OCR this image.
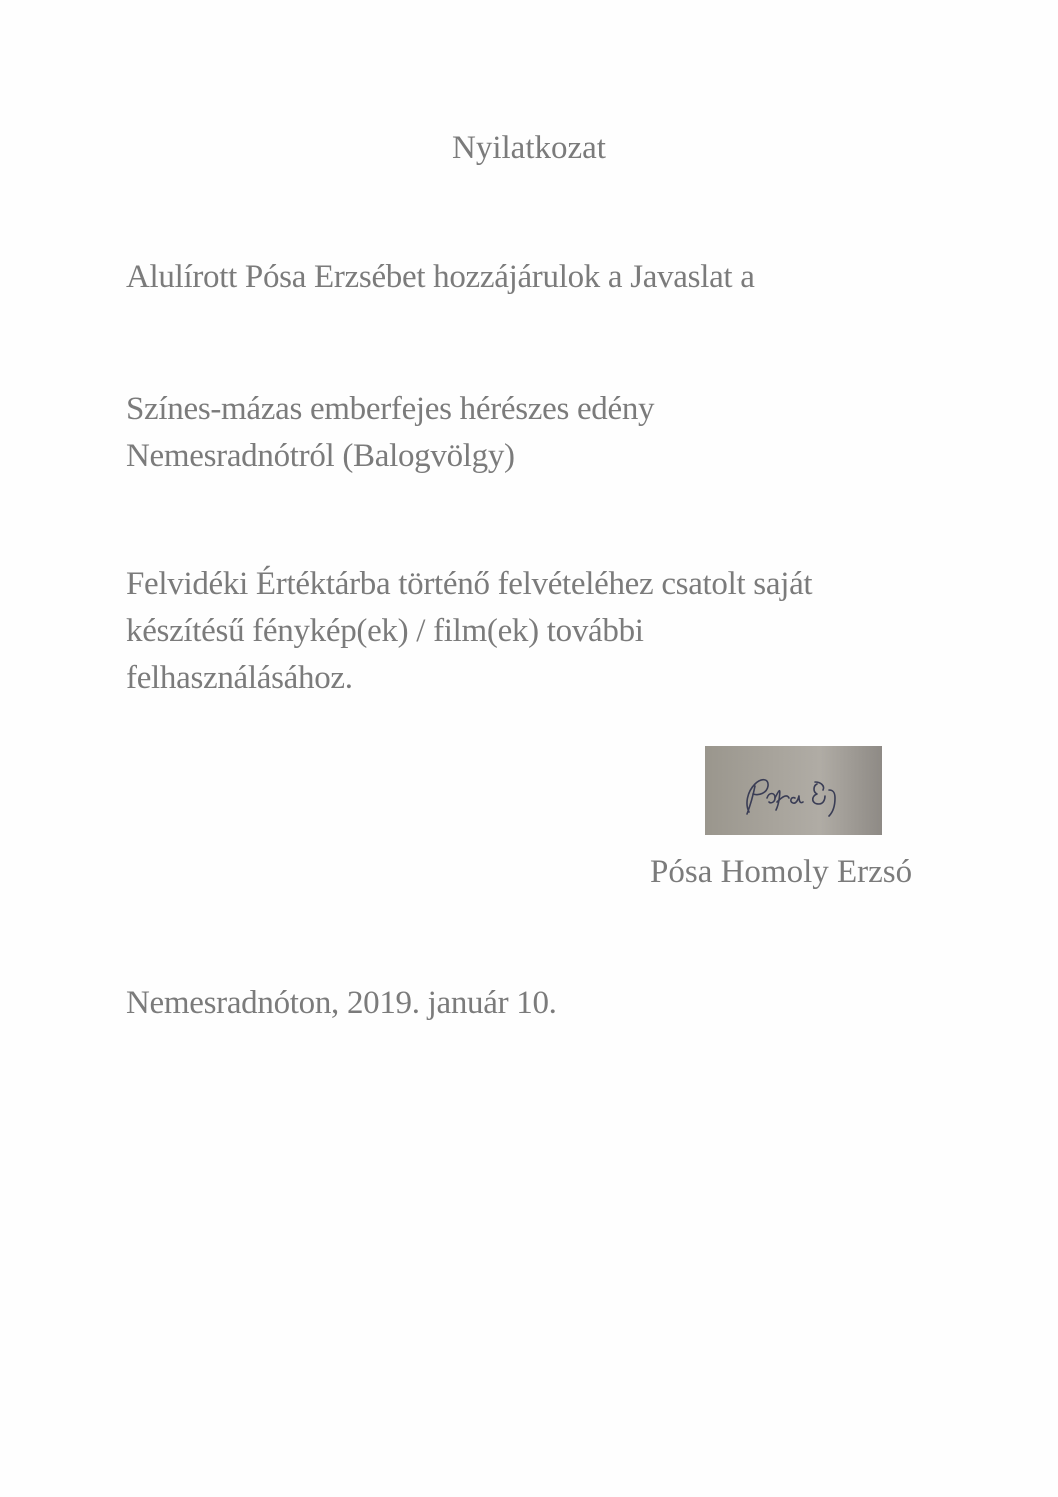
Nyilatkozat
Alulírott Pósa Erzsébet hozzájárulok a Javaslat a
Színes-mázas emberfejes hérészes edény
Nemesradnótról (Balogvölgy)
Felvidéki Értéktárba történő felvételéhez csatolt saját
készítésű fénykép(ek) / film(ek) további
felhasználásához.
Pósa Homoly Erzsó
Nemesradnóton, 2019. január 10.
